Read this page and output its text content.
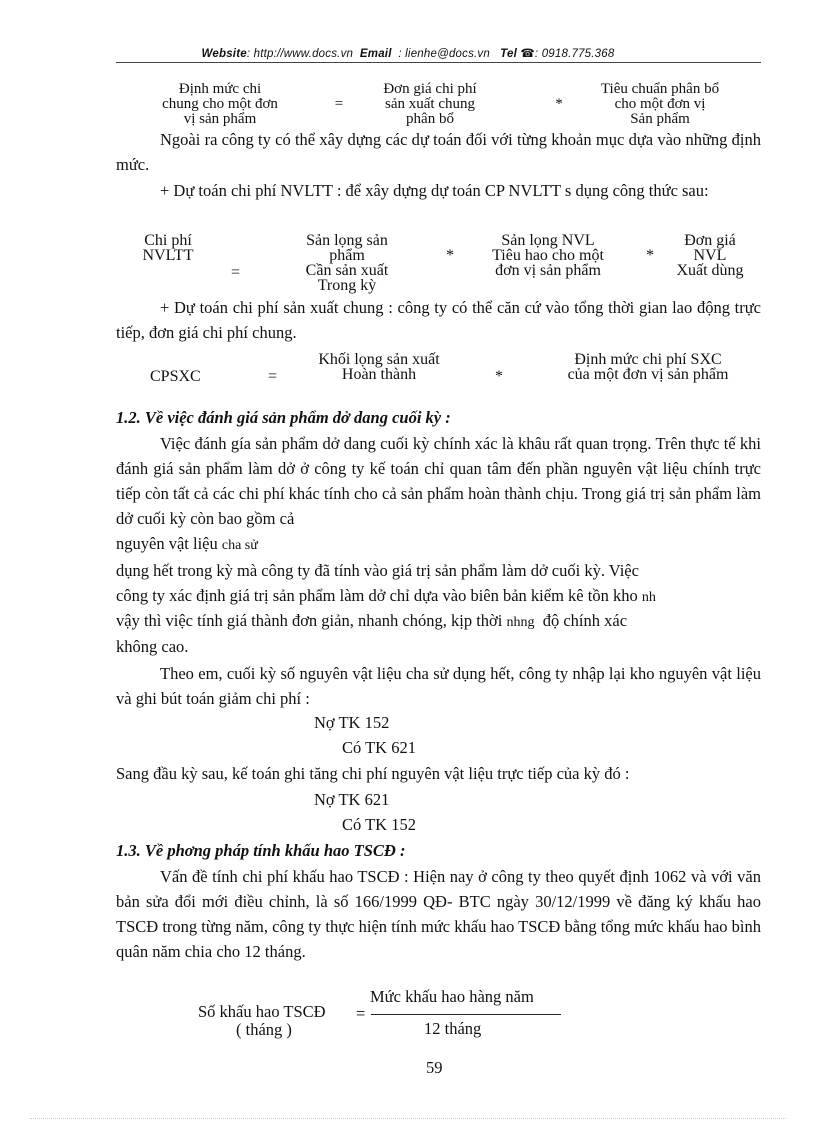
Website: http://www.docs.vn Email : lienhe@docs.vn Tel ☎: 0918.775.368
Định mức chi
chung cho một đơn
vị sản phẩm
=
Đơn giá chi phí
sản xuất chung
phân bổ
*
Tiêu chuẩn phân bổ
cho một đơn vị
Sản phẩm
Ngoài ra công ty có thể xây dựng các dự toán đối với từng khoản mục dựa vào những định mức.
+ Dự toán chi phí NVLTT : để xây dựng dự toán CP NVLTT s dụng công thức sau:
Chi phí
NVLTT
=
Sản lọng sản
phẩm
Cần sản xuất
Trong kỳ
*
Sản lọng NVL
Tiêu hao cho một
đơn vị sản phẩm
*
Đơn giá
NVL
Xuất dùng
+ Dự toán chi phí sản xuất chung : công ty có thể căn cứ vào tổng thời gian lao động trực tiếp, đơn giá chi phí chung.
CPSXC	=
Khối lọng sản xuất
Hoàn thành	*
Định mức chi phí SXC
của một đơn vị sản phẩm
1.2. Về việc đánh giá sản phẩm dở dang cuối kỳ :
Việc đánh gía sản phẩm dở dang cuối kỳ chính xác là khâu rất quan trọng. Trên thực tế khi đánh giá sản phẩm làm dở ở công ty kế toán chỉ quan tâm đến phần nguyên vật liệu chính trực tiếp còn tất cả các chi phí khác tính cho cả sản phẩm hoàn thành chịu. Trong giá trị sản phẩm làm dở cuối kỳ còn bao gồm cả
nguyên vật liệu cha sử
dụng hết trong kỳ mà công ty đã tính vào giá trị sản phẩm làm dở cuối kỳ. Việc
công ty xác định giá trị sản phẩm làm dở chỉ dựa vào biên bản kiểm kê tồn kho nh
vậy thì việc tính giá thành đơn giản, nhanh chóng, kịp thời nhng độ chính xác
không cao.
Theo em, cuối kỳ số nguyên vật liệu cha sử dụng hết, công ty nhập lại kho nguyên vật liệu và ghi bút toán giảm chi phí :
Nợ TK 152
Có TK 621
Sang đầu kỳ sau, kế toán ghi tăng chi phí nguyên vật liệu trực tiếp của kỳ đó :
Nợ TK 621
Có TK 152
1.3. Về phơng pháp tính khấu hao TSCĐ :
Vấn đề tính chi phí khấu hao TSCĐ : Hiện nay ở công ty theo quyết định 1062 và với văn bản sửa đổi mới điều chỉnh, là số 166/1999 QĐ- BTC ngày 30/12/1999 về đăng ký khấu hao TSCĐ trong từng năm, công ty thực hiện tính mức khấu hao TSCĐ bằng tổng mức khấu hao bình quân năm chia cho 12 tháng.
Số khấu hao TSCĐ
( tháng )
=
Mức khấu hao hàng năm
12 tháng
59
